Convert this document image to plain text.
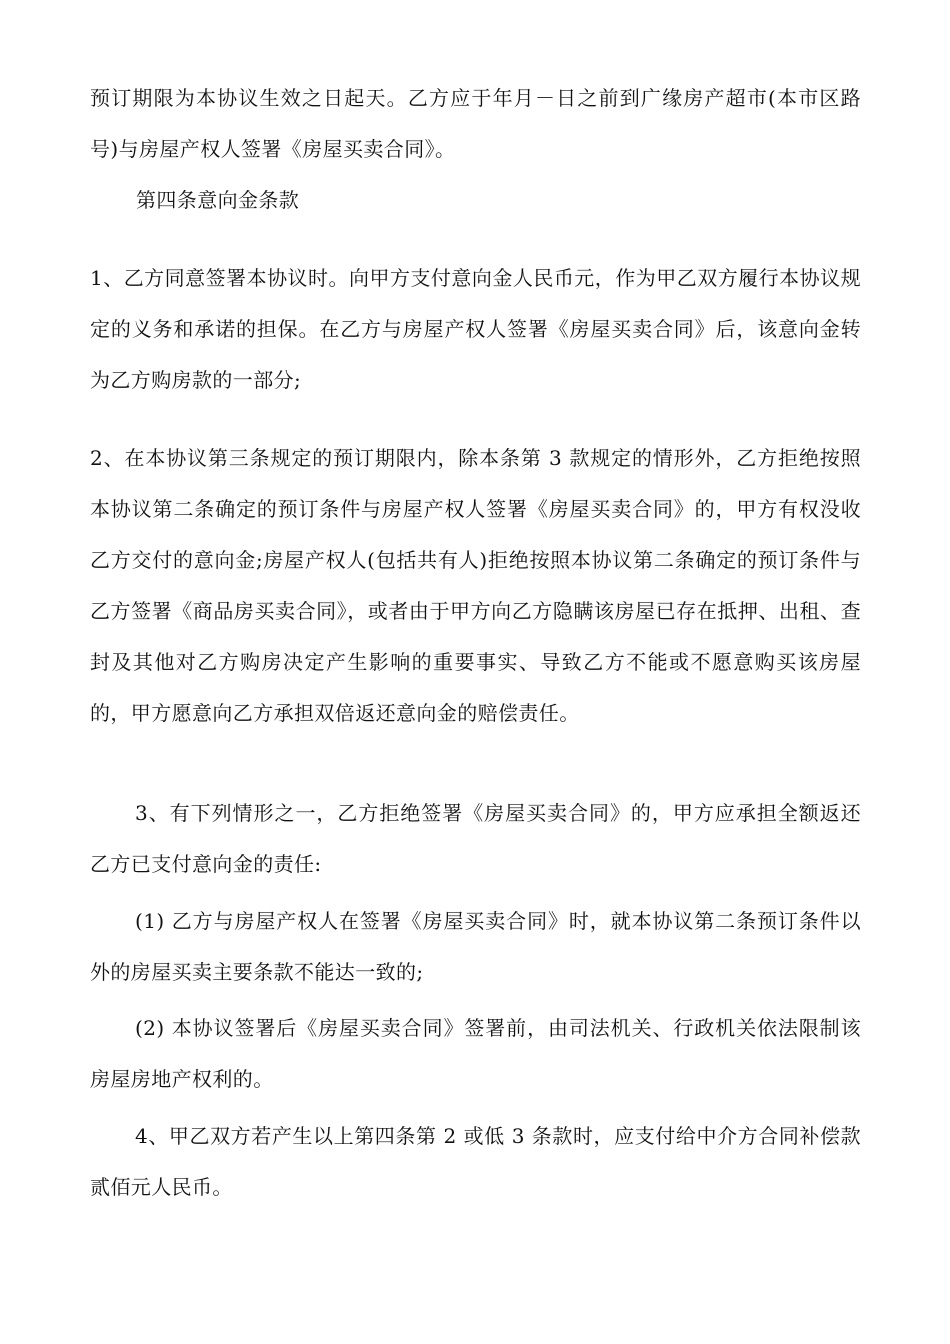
预订期限为本协议生效之日起天。乙方应于年月－日之前到广缘房产超市(本市区路号)与房屋产权人签署《房屋买卖合同》。

第四条意向金条款

1、乙方同意签署本协议时。向甲方支付意向金人民币元，作为甲乙双方履行本协议规定的义务和承诺的担保。在乙方与房屋产权人签署《房屋买卖合同》后，该意向金转为乙方购房款的一部分;

2、在本协议第三条规定的预订期限内，除本条第 3 款规定的情形外，乙方拒绝按照本协议第二条确定的预订条件与房屋产权人签署《房屋买卖合同》的，甲方有权没收乙方交付的意向金;房屋产权人(包括共有人)拒绝按照本协议第二条确定的预订条件与乙方签署《商品房买卖合同》，或者由于甲方向乙方隐瞒该房屋已存在抵押、出租、查封及其他对乙方购房决定产生影响的重要事实、导致乙方不能或不愿意购买该房屋的，甲方愿意向乙方承担双倍返还意向金的赔偿责任。

3、有下列情形之一，乙方拒绝签署《房屋买卖合同》的，甲方应承担全额返还乙方已支付意向金的责任:

(1) 乙方与房屋产权人在签署《房屋买卖合同》时，就本协议第二条预订条件以外的房屋买卖主要条款不能达一致的;

(2) 本协议签署后《房屋买卖合同》签署前，由司法机关、行政机关依法限制该房屋房地产权利的。

4、甲乙双方若产生以上第四条第 2 或低 3 条款时，应支付给中介方合同补偿款贰佰元人民币。
